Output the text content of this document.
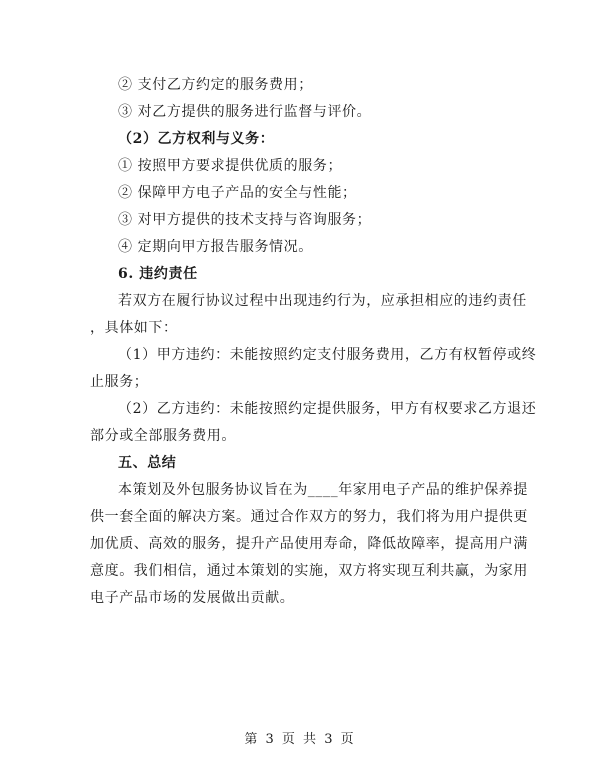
② 支付乙方约定的服务费用；
③ 对乙方提供的服务进行监督与评价。
（2）乙方权利与义务：
① 按照甲方要求提供优质的服务；
② 保障甲方电子产品的安全与性能；
③ 对甲方提供的技术支持与咨询服务；
④ 定期向甲方报告服务情况。
6. 违约责任
若双方在履行协议过程中出现违约行为，应承担相应的违约责任
，具体如下：
（1）甲方违约：未能按照约定支付服务费用，乙方有权暂停或终
止服务；
（2）乙方违约：未能按照约定提供服务，甲方有权要求乙方退还
部分或全部服务费用。
五、总结
本策划及外包服务协议旨在为____年家用电子产品的维护保养提
供一套全面的解决方案。通过合作双方的努力，我们将为用户提供更
加优质、高效的服务，提升产品使用寿命，降低故障率，提高用户满
意度。我们相信，通过本策划的实施，双方将实现互利共赢，为家用
电子产品市场的发展做出贡献。
第 3 页 共 3 页
